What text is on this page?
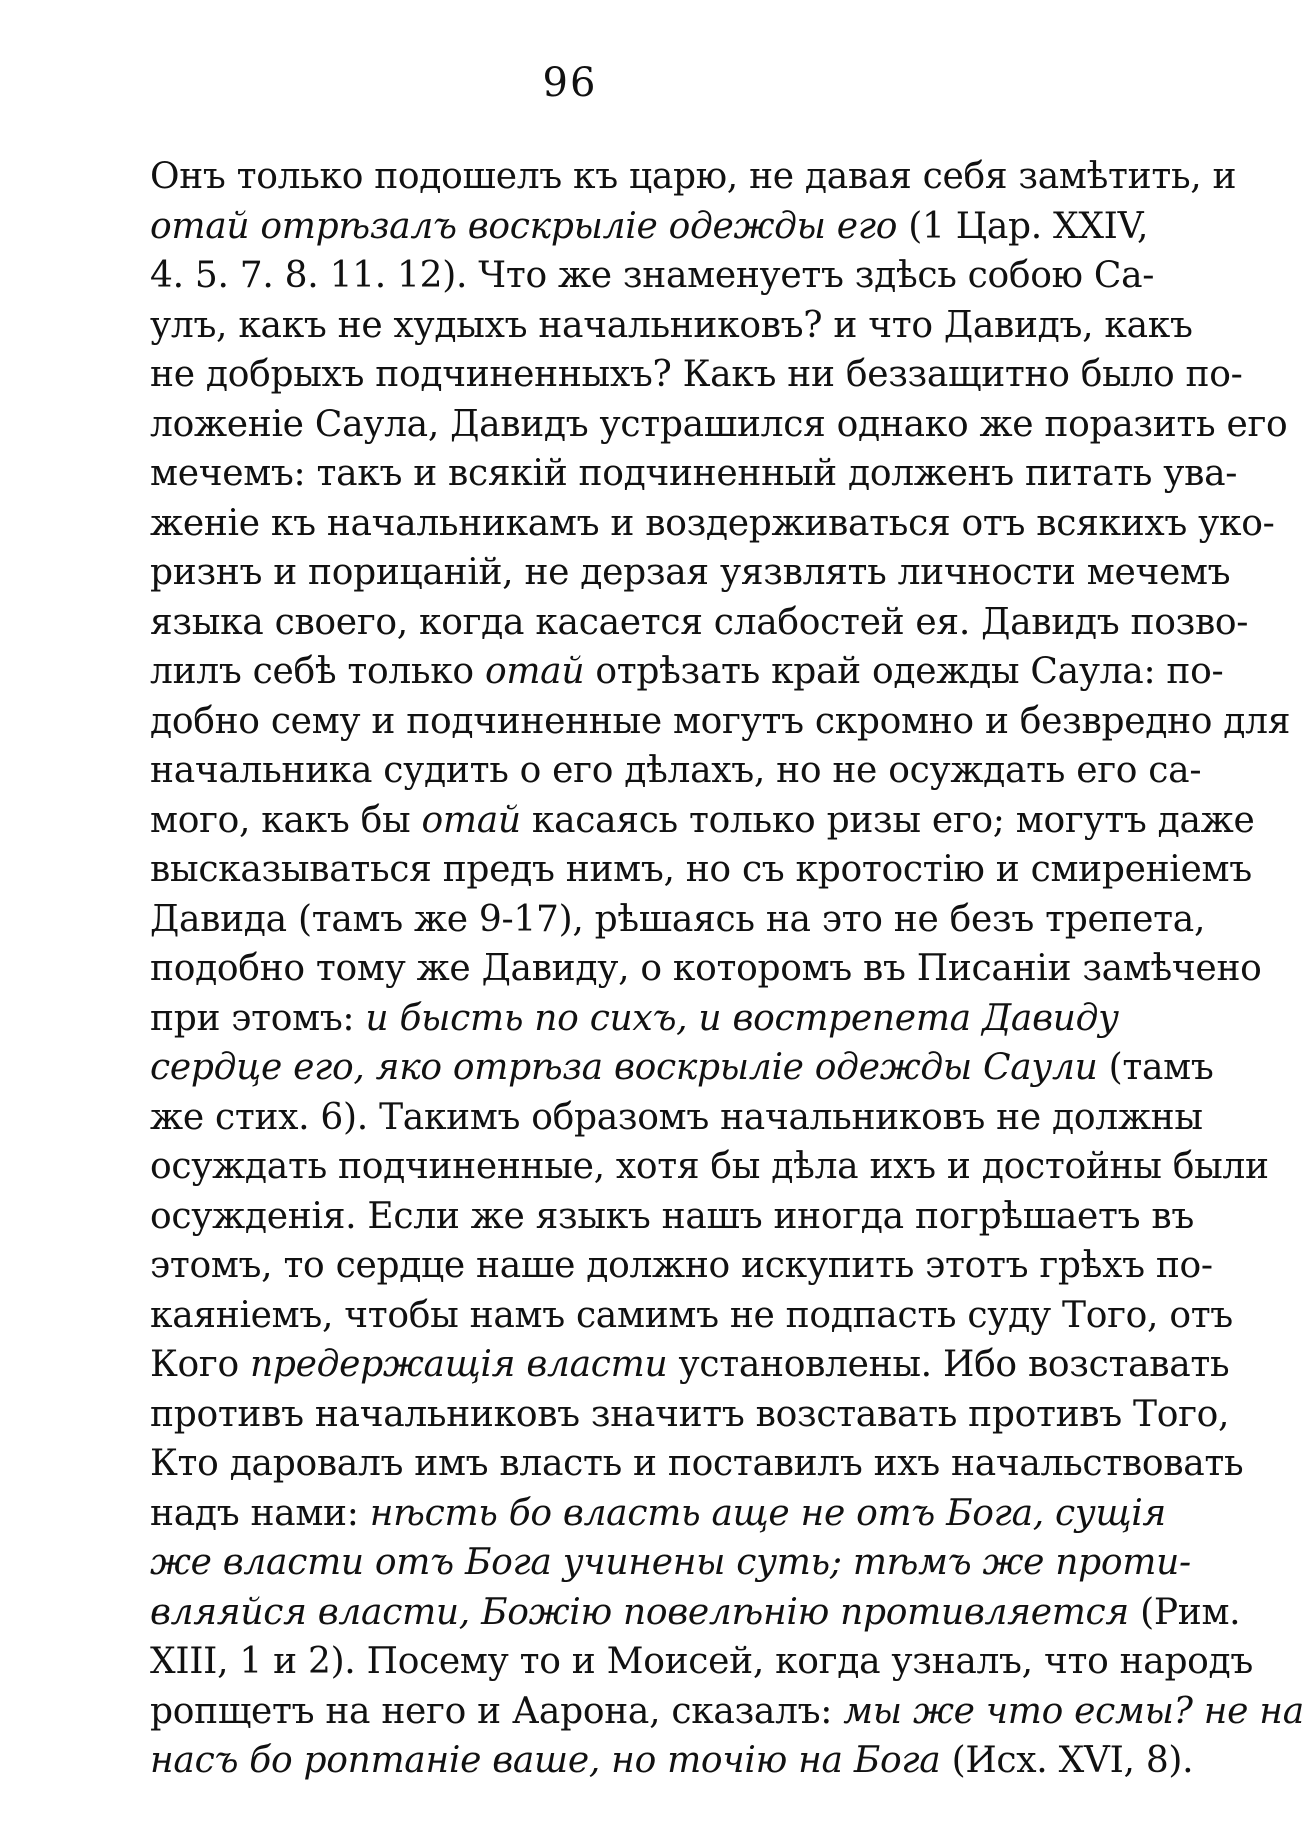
96
Онъ только подошелъ къ царю, не давая себя замѣтить, и
отай отрѣзалъ воскрылiе одежды его (1 Цар. XXIV,
4. 5. 7. 8. 11. 12). Что же знаменуетъ здѣсь собою Са-
улъ, какъ не худыхъ начальниковъ? и что Давидъ, какъ
не добрыхъ подчиненныхъ? Какъ ни беззащитно было по-
ложенiе Саула, Давидъ устрашился однако же поразить его
мечемъ: такъ и всякiй подчиненный долженъ питать ува-
женiе къ начальникамъ и воздерживаться отъ всякихъ уко-
ризнъ и порицанiй, не дерзая уязвлять личности мечемъ
языка своего, когда касается слабостей ея. Давидъ позво-
лилъ себѣ только отай отрѣзать край одежды Саула: по-
добно сему и подчиненные могутъ скромно и безвредно для
начальника судить о его дѣлахъ, но не осуждать его са-
мого, какъ бы отай касаясь только ризы его; могутъ даже
высказываться предъ нимъ, но съ кротостiю и смиренiемъ
Давида (тамъ же 9-17), рѣшаясь на это не безъ трепета,
подобно тому же Давиду, о которомъ въ Писанiи замѣчено
при этомъ: и бысть по сихъ, и вострепета Давиду
сердце его, яко отрѣза воскрылiе одежды Саули (тамъ
же стих. 6). Такимъ образомъ начальниковъ не должны
осуждать подчиненные, хотя бы дѣла ихъ и достойны были
осужденiя. Если же языкъ нашъ иногда погрѣшаетъ въ
этомъ, то сердце наше должно искупить этотъ грѣхъ по-
каянiемъ, чтобы намъ самимъ не подпасть суду Того, отъ
Кого предержащiя власти установлены. Ибо возставать
противъ начальниковъ значитъ возставать противъ Того,
Кто даровалъ имъ власть и поставилъ ихъ начальствовать
надъ нами: нѣсть бо власть аще не отъ Бога, сущiя
же власти отъ Бога учинены суть; тѣмъ же проти-
вляяйся власти, Божiю повелѣнiю противляется (Рим.
XIII, 1 и 2). Посему то и Моисей, когда узналъ, что народъ
ропщетъ на него и Аарона, сказалъ: мы же что есмы? не на
насъ бо роптанiе ваше, но точiю на Бога (Исх. XVI, 8).
